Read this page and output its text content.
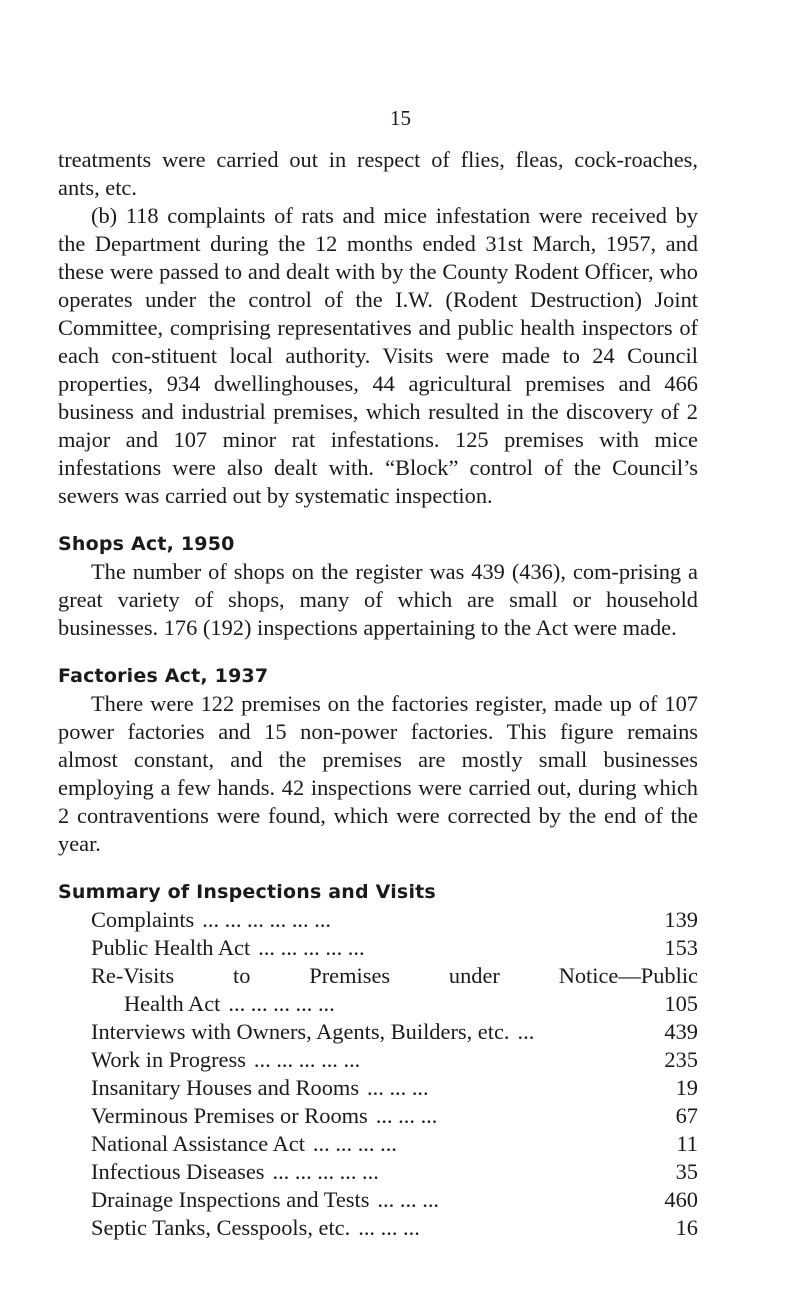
15

treatments were carried out in respect of flies, fleas, cock-roaches, ants, etc.

(b) 118 complaints of rats and mice infestation were received by the Department during the 12 months ended 31st March, 1957, and these were passed to and dealt with by the County Rodent Officer, who operates under the control of the I.W. (Rodent Destruction) Joint Committee, comprising representatives and public health inspectors of each con-stituent local authority. Visits were made to 24 Council properties, 934 dwellinghouses, 44 agricultural premises and 466 business and industrial premises, which resulted in the discovery of 2 major and 107 minor rat infestations. 125 premises with mice infestations were also dealt with. “Block” control of the Council’s sewers was carried out by systematic inspection.

Shops Act, 1950

The number of shops on the register was 439 (436), com-prising a great variety of shops, many of which are small or household businesses. 176 (192) inspections appertaining to the Act were made.

Factories Act, 1937

There were 122 premises on the factories register, made up of 107 power factories and 15 non-power factories. This figure remains almost constant, and the premises are mostly small businesses employing a few hands. 42 inspections were carried out, during which 2 contraventions were found, which were corrected by the end of the year.

Summary of Inspections and Visits
Complaints ... ... ... ... ... ...	139
Public Health Act ... ... ... ... ...	153
Re-Visits to Premises under Notice—Public
Health Act ... ... ... ... ...	105
Interviews with Owners, Agents, Builders, etc. ...	439
Work in Progress ... ... ... ... ...	235
Insanitary Houses and Rooms ... ... ...	19
Verminous Premises or Rooms ... ... ...	67
National Assistance Act ... ... ... ...	11
Infectious Diseases ... ... ... ... ...	35
Drainage Inspections and Tests ... ... ...	460
Septic Tanks, Cesspools, etc. ... ... ...	16
